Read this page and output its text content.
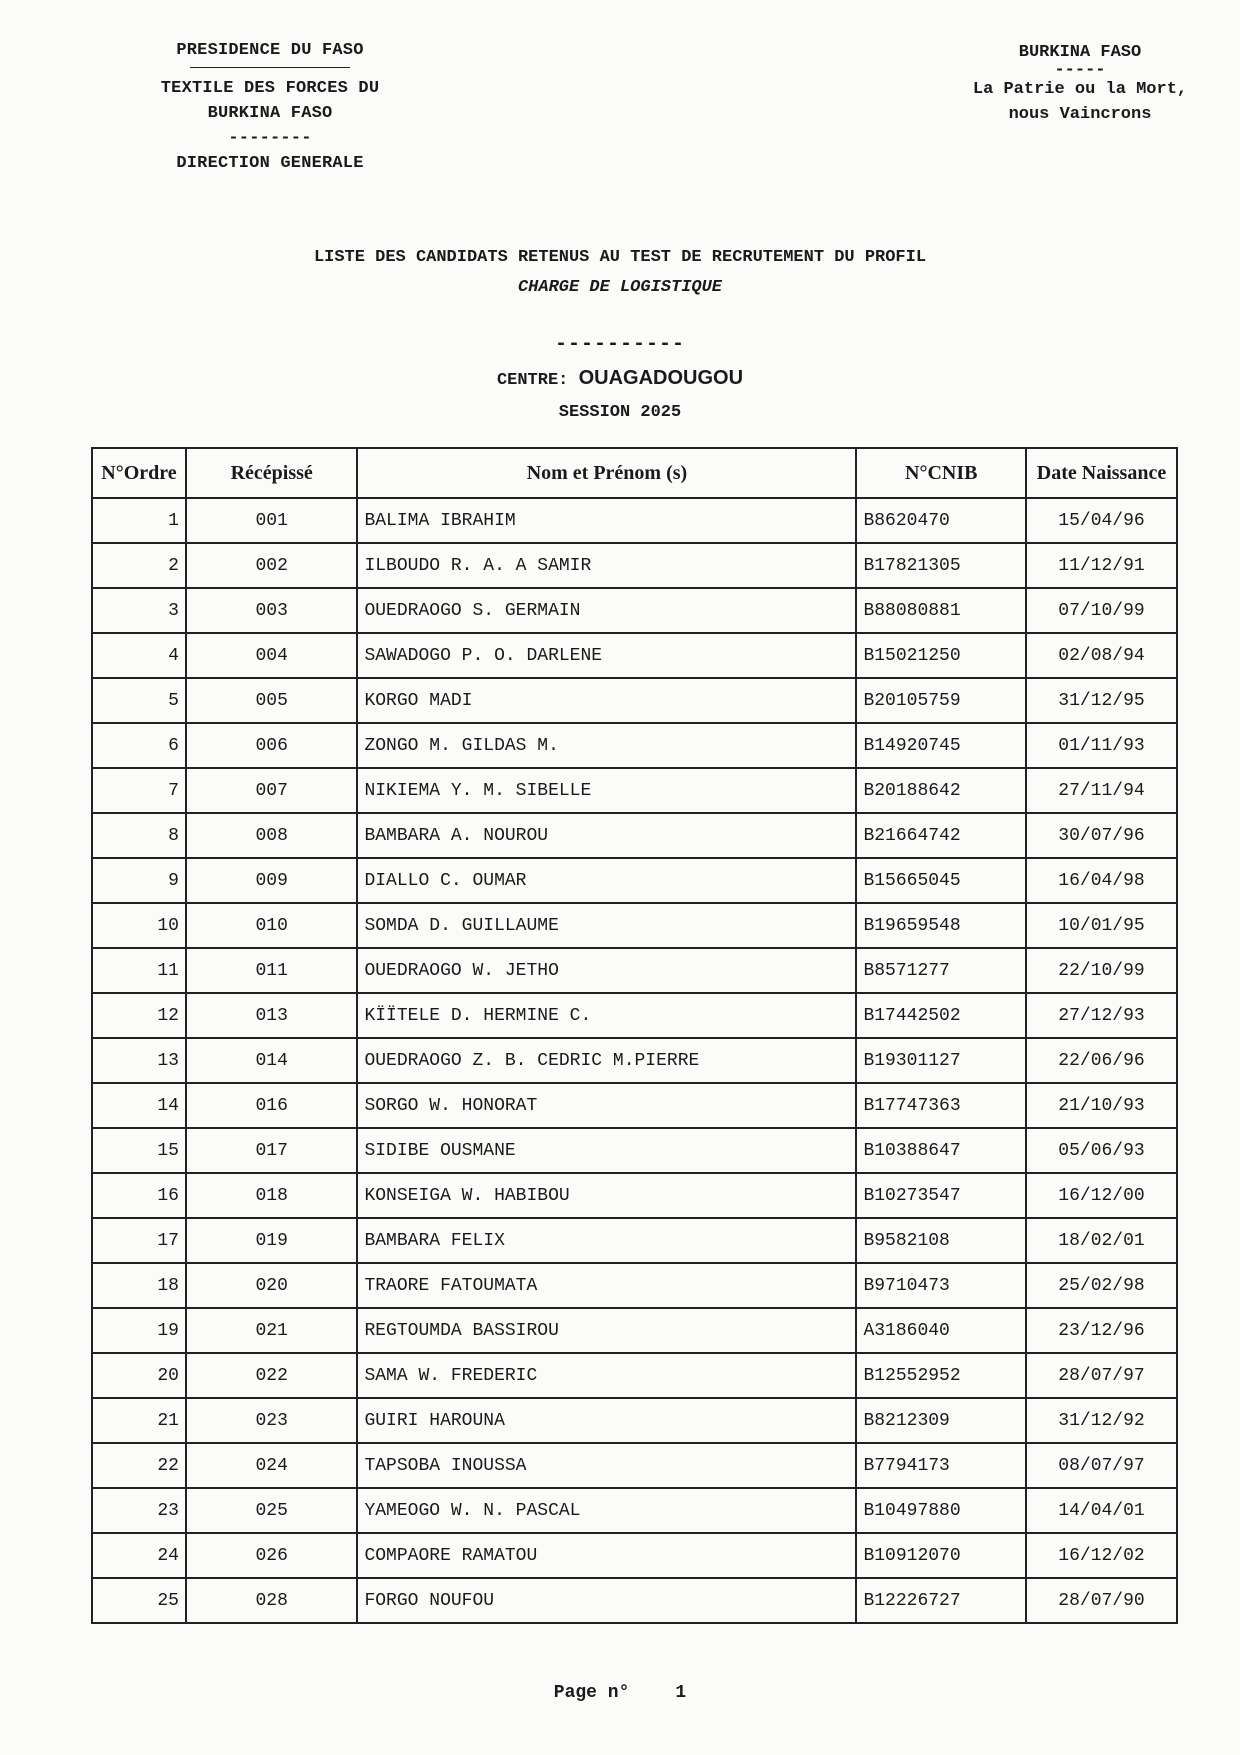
PRESIDENCE DU FASO
TEXTILE DES FORCES DU
BURKINA FASO
--------
DIRECTION GENERALE
BURKINA FASO
-----
La Patrie ou la Mort,
nous Vaincrons
LISTE DES CANDIDATS RETENUS AU TEST DE RECRUTEMENT DU PROFIL
CHARGE DE LOGISTIQUE
----------
CENTRE: OUAGADOUGOU
SESSION 2025
N°Ordre	Récépissé	Nom et Prénom (s)	N°CNIB	Date Naissance
1	001	BALIMA IBRAHIM	B8620470	15/04/96
2	002	ILBOUDO R. A. A SAMIR	B17821305	11/12/91
3	003	OUEDRAOGO S. GERMAIN	B88080881	07/10/99
4	004	SAWADOGO P. O. DARLENE	B15021250	02/08/94
5	005	KORGO MADI	B20105759	31/12/95
6	006	ZONGO M. GILDAS M.	B14920745	01/11/93
7	007	NIKIEMA Y. M. SIBELLE	B20188642	27/11/94
8	008	BAMBARA A. NOUROU	B21664742	30/07/96
9	009	DIALLO C. OUMAR	B15665045	16/04/98
10	010	SOMDA D. GUILLAUME	B19659548	10/01/95
11	011	OUEDRAOGO W. JETHO	B8571277	22/10/99
12	013	KÏÏTELE D. HERMINE C.	B17442502	27/12/93
13	014	OUEDRAOGO Z. B. CEDRIC M.PIERRE	B19301127	22/06/96
14	016	SORGO W. HONORAT	B17747363	21/10/93
15	017	SIDIBE OUSMANE	B10388647	05/06/93
16	018	KONSEIGA W. HABIBOU	B10273547	16/12/00
17	019	BAMBARA FELIX	B9582108	18/02/01
18	020	TRAORE FATOUMATA	B9710473	25/02/98
19	021	REGTOUMDA BASSIROU	A3186040	23/12/96
20	022	SAMA W. FREDERIC	B12552952	28/07/97
21	023	GUIRI HAROUNA	B8212309	31/12/92
22	024	TAPSOBA INOUSSA	B7794173	08/07/97
23	025	YAMEOGO W. N. PASCAL	B10497880	14/04/01
24	026	COMPAORE RAMATOU	B10912070	16/12/02
25	028	FORGO NOUFOU	B12226727	28/07/90
Page n°	1
